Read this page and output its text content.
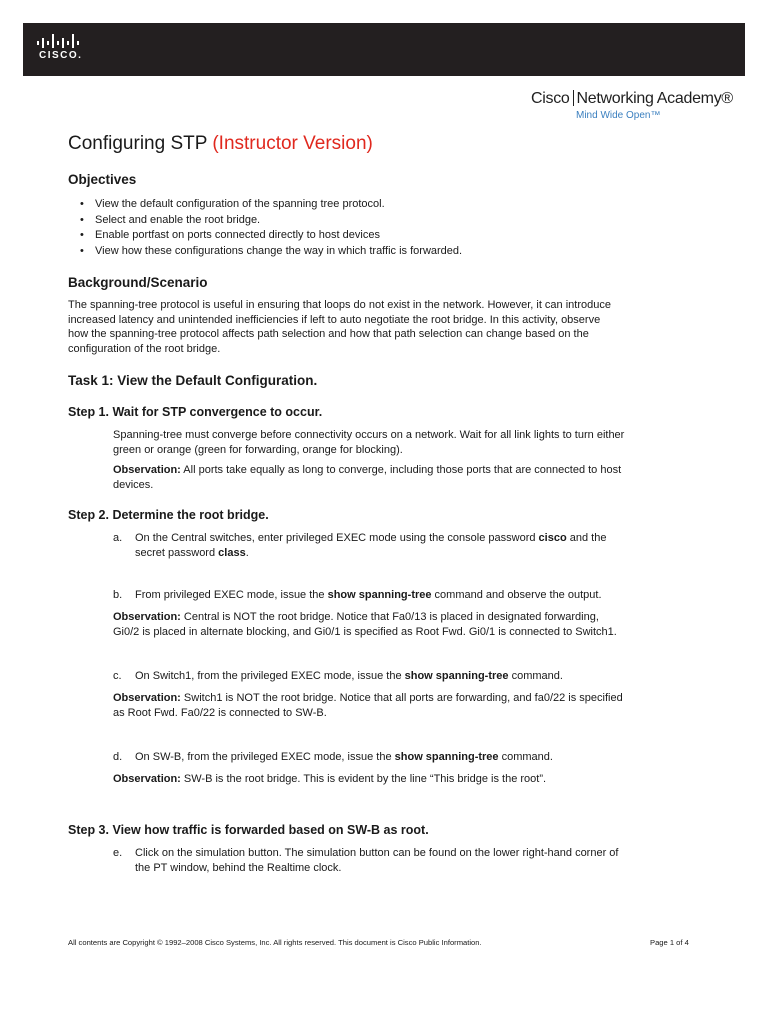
CISCO.
Cisco Networking Academy®
Mind Wide Open™
Configuring STP (Instructor Version)
Objectives
• View the default configuration of the spanning tree protocol.
• Select and enable the root bridge.
• Enable portfast on ports connected directly to host devices
• View how these configurations change the way in which traffic is forwarded.
Background/Scenario
The spanning-tree protocol is useful in ensuring that loops do not exist in the network. However, it can introduce
increased latency and unintended inefficiencies if left to auto negotiate the root bridge. In this activity, observe
how the spanning-tree protocol affects path selection and how that path selection can change based on the
configuration of the root bridge.
Task 1: View the Default Configuration.
Step 1. Wait for STP convergence to occur.
Spanning-tree must converge before connectivity occurs on a network. Wait for all link lights to turn either
green or orange (green for forwarding, orange for blocking).
Observation: All ports take equally as long to converge, including those ports that are connected to host
devices.
Step 2. Determine the root bridge.
a. On the Central switches, enter privileged EXEC mode using the console password cisco and the
secret password class.
b. From privileged EXEC mode, issue the show spanning-tree command and observe the output.
Observation: Central is NOT the root bridge. Notice that Fa0/13 is placed in designated forwarding,
Gi0/2 is placed in alternate blocking, and Gi0/1 is specified as Root Fwd. Gi0/1 is connected to Switch1.
c. On Switch1, from the privileged EXEC mode, issue the show spanning-tree command.
Observation: Switch1 is NOT the root bridge. Notice that all ports are forwarding, and fa0/22 is specified
as Root Fwd. Fa0/22 is connected to SW-B.
d. On SW-B, from the privileged EXEC mode, issue the show spanning-tree command.
Observation: SW-B is the root bridge. This is evident by the line “This bridge is the root”.
Step 3. View how traffic is forwarded based on SW-B as root.
e. Click on the simulation button. The simulation button can be found on the lower right-hand corner of
the PT window, behind the Realtime clock.
All contents are Copyright © 1992–2008 Cisco Systems, Inc. All rights reserved. This document is Cisco Public Information.	Page 1 of 4
